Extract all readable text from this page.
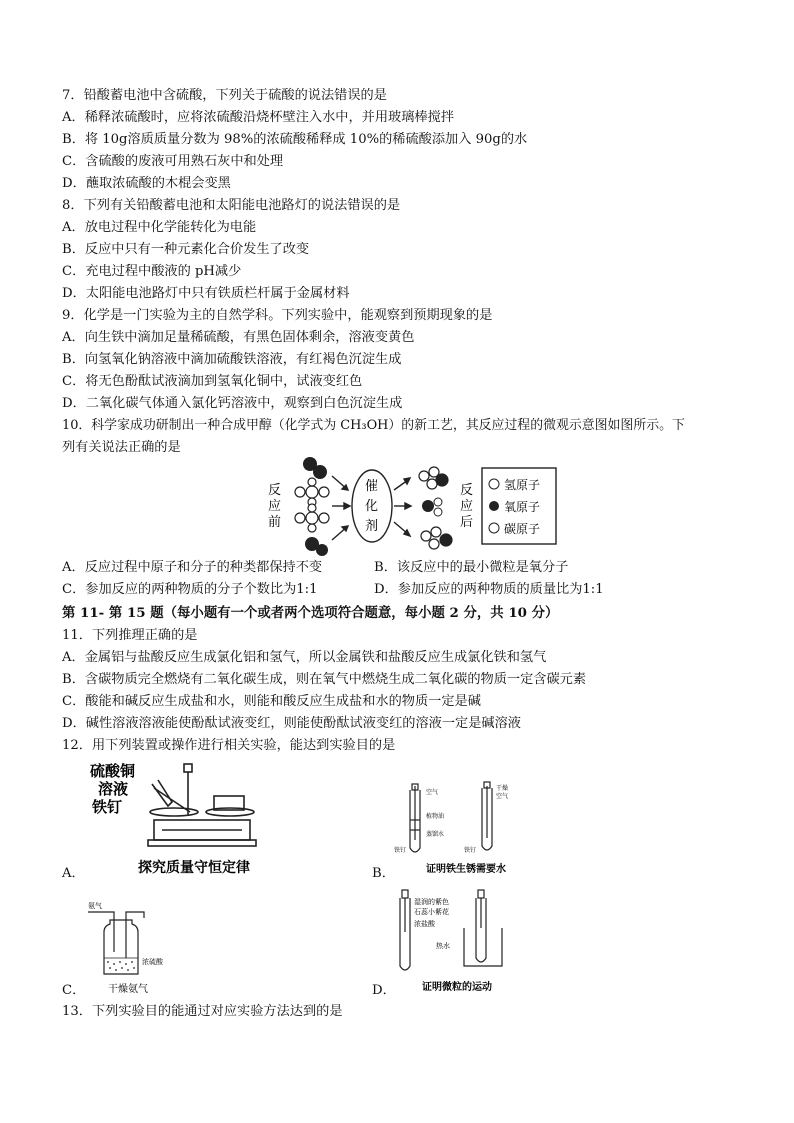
7．铅酸蓄电池中含硫酸，下列关于硫酸的说法错误的是
A．稀释浓硫酸时，应将浓硫酸沿烧杯壁注入水中，并用玻璃棒搅拌
B．将 10g溶质质量分数为 98%的浓硫酸稀释成 10%的稀硫酸添加入 90g的水
C．含硫酸的废液可用熟石灰中和处理
D．蘸取浓硫酸的木棍会变黑
8．下列有关铅酸蓄电池和太阳能电池路灯的说法错误的是
A．放电过程中化学能转化为电能
B．反应中只有一种元素化合价发生了改变
C．充电过程中酸液的 pH减少
D．太阳能电池路灯中只有铁质栏杆属于金属材料
9．化学是一门实验为主的自然学科。下列实验中，能观察到预期现象的是
A．向生铁中滴加足量稀硫酸，有黑色固体剩余，溶液变黄色
B．向氢氧化钠溶液中滴加硫酸铁溶液，有红褐色沉淀生成
C．将无色酚酞试液滴加到氢氧化铜中，试液变红色
D．二氧化碳气体通入氯化钙溶液中，观察到白色沉淀生成
10．科学家成功研制出一种合成甲醇（化学式为 CH₃OH）的新工艺，其反应过程的微观示意图如图所示。下
列有关说法正确的是
反
应
前
催
化
剂
反
应
后
氢原子
氧原子
碳原子
A．反应过程中原子和分子的种类都保持不变	B．该反应中的最小微粒是氧分子
C．参加反应的两种物质的分子个数比为1:1	D．参加反应的两种物质的质量比为1:1
第 11- 第 15 题（每小题有一个或者两个选项符合题意，每小题 2 分，共 10 分）
11．下列推理正确的是
A．金属铝与盐酸反应生成氯化铝和氢气，所以金属铁和盐酸反应生成氯化铁和氢气
B．含碳物质完全燃烧有二氧化碳生成，则在氧气中燃烧生成二氧化碳的物质一定含碳元素
C．酸能和碱反应生成盐和水，则能和酸反应生成盐和水的物质一定是碱
D．碱性溶液溶液能使酚酞试液变红，则能使酚酞试液变红的溶液一定是碱溶液
12．用下列装置或操作进行相关实验，能达到实验目的是
A．
硫酸铜
溶液
铁钉
探究质量守恒定律	B．
空气
植物油
蒸馏水
铁钉
干燥
空气
铁钉
证明铁生锈需要水
C．
氨气
浓硫酸
干燥氨气	D．
湿润的紫色
石蕊小紫花
浓盐酸
热水
证明微粒的运动
13．下列实验目的能通过对应实验方法达到的是
